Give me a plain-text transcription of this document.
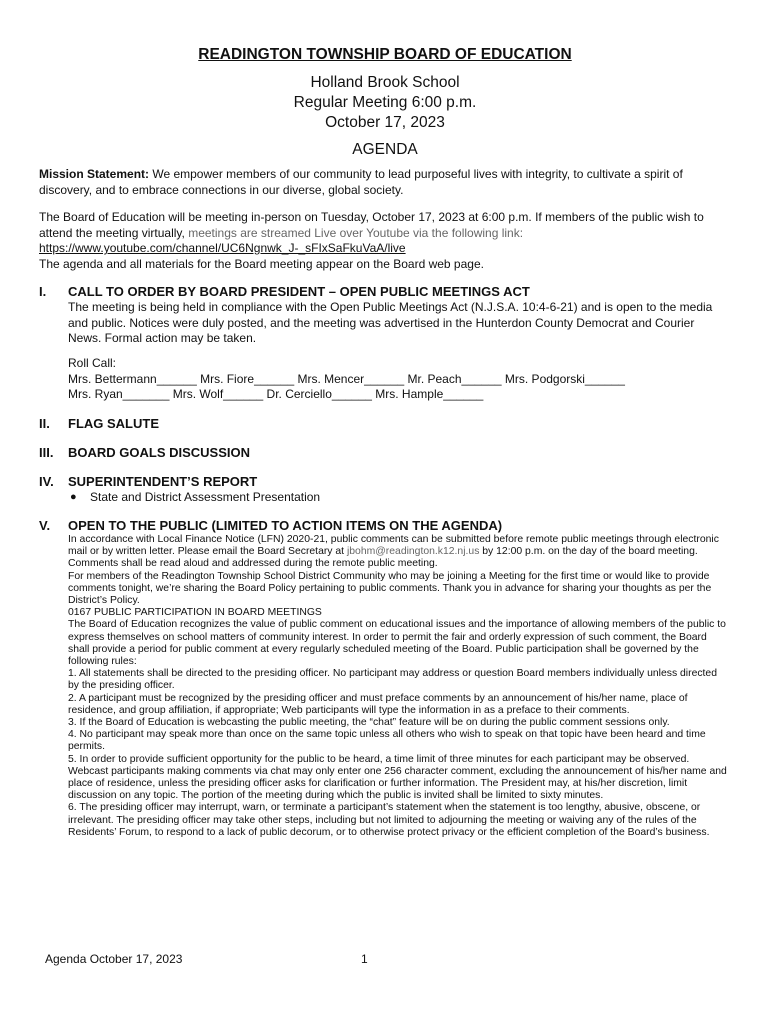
READINGTON TOWNSHIP BOARD OF EDUCATION
Holland Brook School
Regular Meeting 6:00 p.m.
October 17, 2023
AGENDA

Mission Statement: We empower members of our community to lead purposeful lives with integrity, to cultivate a spirit of discovery, and to embrace connections in our diverse, global society.

The Board of Education will be meeting in-person on Tuesday, October 17, 2023 at 6:00 p.m. If members of the public wish to attend the meeting virtually, meetings are streamed Live over Youtube via the following link:
https://www.youtube.com/channel/UC6Ngnwk_J-_sFIxSaFkuVaA/live
The agenda and all materials for the Board meeting appear on the Board web page.

I. CALL TO ORDER BY BOARD PRESIDENT – OPEN PUBLIC MEETINGS ACT

The meeting is being held in compliance with the Open Public Meetings Act (N.J.S.A. 10:4-6-21) and is open to the media and public. Notices were duly posted, and the meeting was advertised in the Hunterdon County Democrat and Courier News. Formal action may be taken.

Roll Call:
Mrs. Bettermann______ Mrs. Fiore______ Mrs. Mencer______ Mr. Peach______ Mrs. Podgorski______
Mrs. Ryan_______ Mrs. Wolf______ Dr. Cerciello______ Mrs. Hample______

II. FLAG SALUTE
III. BOARD GOALS DISCUSSION
IV. SUPERINTENDENT’S REPORT
● State and District Assessment Presentation
V. OPEN TO THE PUBLIC (LIMITED TO ACTION ITEMS ON THE AGENDA)
In accordance with Local Finance Notice (LFN) 2020-21, public comments can be submitted before remote public meetings through electronic mail or by written letter. Please email the Board Secretary at jbohm@readington.k12.nj.us by 12:00 p.m. on the day of the board meeting. Comments shall be read aloud and addressed during the remote public meeting.
For members of the Readington Township School District Community who may be joining a Meeting for the first time or would like to provide comments tonight, we’re sharing the Board Policy pertaining to public comments. Thank you in advance for sharing your thoughts as per the District’s Policy.
0167 PUBLIC PARTICIPATION IN BOARD MEETINGS
The Board of Education recognizes the value of public comment on educational issues and the importance of allowing members of the public to express themselves on school matters of community interest. In order to permit the fair and orderly expression of such comment, the Board shall provide a period for public comment at every regularly scheduled meeting of the Board. Public participation shall be governed by the following rules:
1. All statements shall be directed to the presiding officer. No participant may address or question Board members individually unless directed by the presiding officer.
2. A participant must be recognized by the presiding officer and must preface comments by an announcement of his/her name, place of residence, and group affiliation, if appropriate; Web participants will type the information in as a preface to their comments.
3. If the Board of Education is webcasting the public meeting, the “chat” feature will be on during the public comment sessions only.
4. No participant may speak more than once on the same topic unless all others who wish to speak on that topic have been heard and time permits.
5. In order to provide sufficient opportunity for the public to be heard, a time limit of three minutes for each participant may be observed. Webcast participants making comments via chat may only enter one 256 character comment, excluding the announcement of his/her name and place of residence, unless the presiding officer asks for clarification or further information. The President may, at his/her discretion, limit discussion on any topic. The portion of the meeting during which the public is invited shall be limited to sixty minutes.
6. The presiding officer may interrupt, warn, or terminate a participant’s statement when the statement is too lengthy, abusive, obscene, or irrelevant. The presiding officer may take other steps, including but not limited to adjourning the meeting or waiving any of the rules of the Residents’ Forum, to respond to a lack of public decorum, or to otherwise protect privacy or the efficient completion of the Board’s business.
Agenda October 17, 2023	1
